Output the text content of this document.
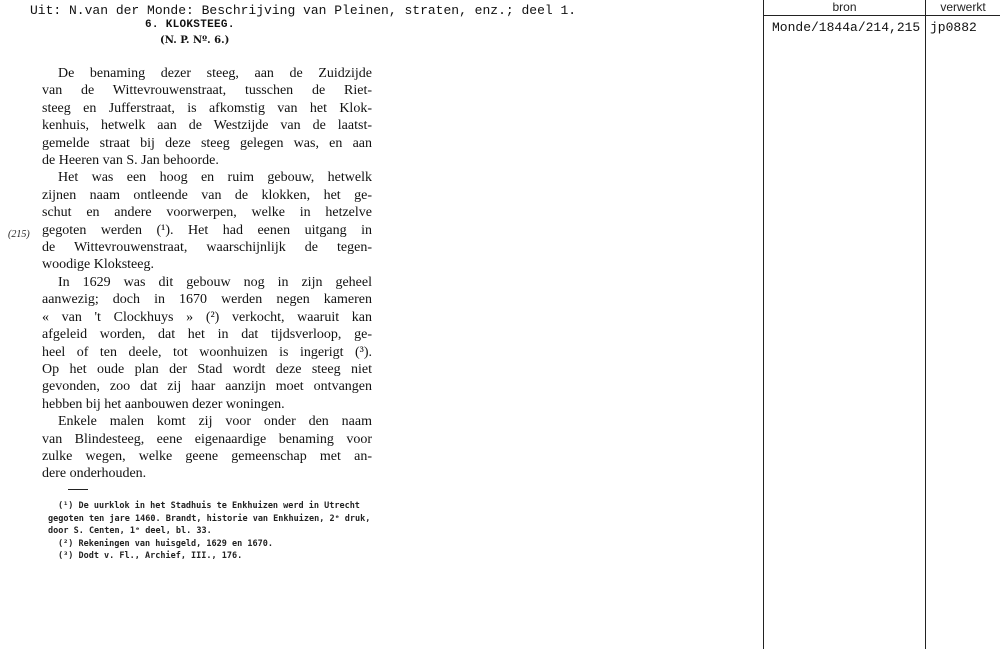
Uit: N.van der Monde: Beschrijving van Pleinen, straten, enz.; deel 1.
6. KLOKSTEEG.
(N. P. Nº. 6.)
(215)
De benaming dezer steeg, aan de Zuidzijde
van de Wittevrouwenstraat, tusschen de Riet-
steeg en Jufferstraat, is afkomstig van het Klok-
kenhuis, hetwelk aan de Westzijde van de laatst-
gemelde straat bij deze steeg gelegen was, en aan
de Heeren van S. Jan behoorde.
Het was een hoog en ruim gebouw, hetwelk
zijnen naam ontleende van de klokken, het ge-
schut en andere voorwerpen, welke in hetzelve
gegoten werden (¹). Het had eenen uitgang in
de Wittevrouwenstraat, waarschijnlijk de tegen-
woodige Kloksteeg.
In 1629 was dit gebouw nog in zijn geheel
aanwezig; doch in 1670 werden negen kameren
« van 't Clockhuys » (²) verkocht, waaruit kan
afgeleid worden, dat het in dat tijdsverloop, ge-
heel of ten deele, tot woonhuizen is ingerigt (³).
Op het oude plan der Stad wordt deze steeg niet
gevonden, zoo dat zij haar aanzijn moet ontvangen
hebben bij het aanbouwen dezer woningen.
Enkele malen komt zij voor onder den naam
van Blindesteeg, eene eigenaardige benaming voor
zulke wegen, welke geene gemeenschap met an-
dere onderhouden.
(¹) De uurklok in het Stadhuis te Enkhuizen werd in Utrecht
gegoten ten jare 1460. Brandt, historie van Enkhuizen, 2ᵉ druk,
door S. Centen, 1ᵉ deel, bl. 33.
(²) Rekeningen van huisgeld, 1629 en 1670.
(³) Dodt v. Fl., Archief, III., 176.
bron	verwerkt
Monde/1844a/214,215 jp0882
